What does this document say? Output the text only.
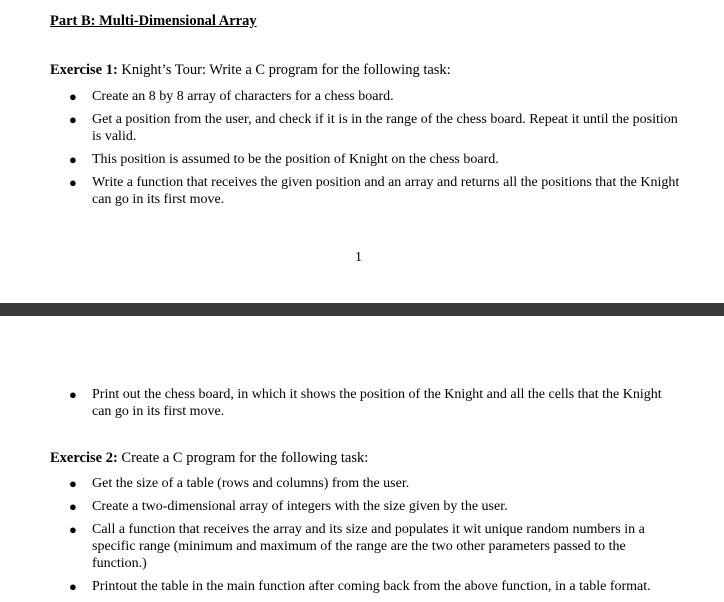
Part B: Multi-Dimensional Array
Exercise 1: Knight’s Tour: Write a C program for the following task:
● Create an 8 by 8 array of characters for a chess board.
● Get a position from the user, and check if it is in the range of the chess board. Repeat it until the position is valid.
● This position is assumed to be the position of Knight on the chess board.
● Write a function that receives the given position and an array and returns all the positions that the Knight can go in its first move.
1
● Print out the chess board, in which it shows the position of the Knight and all the cells that the Knight can go in its first move.
Exercise 2: Create a C program for the following task:
● Get the size of a table (rows and columns) from the user.
● Create a two-dimensional array of integers with the size given by the user.
● Call a function that receives the array and its size and populates it wit unique random numbers in a specific range (minimum and maximum of the range are the two other parameters passed to the function.)
● Printout the table in the main function after coming back from the above function, in a table format.
